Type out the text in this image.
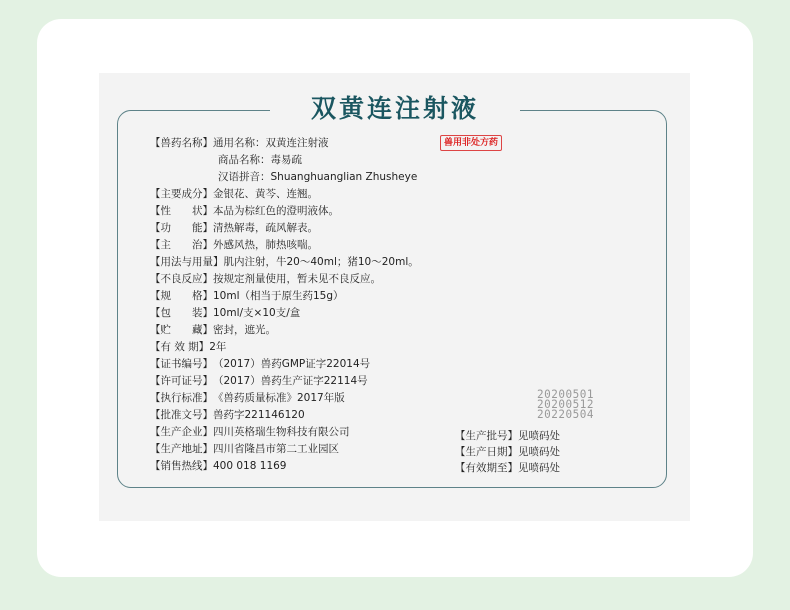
双黄连注射液
兽用非处方药
【兽药名称】通用名称：双黄连注射液
商品名称：毒易疏
汉语拼音：Shuanghuanglian Zhusheye
【主要成分】金银花、黄芩、连翘。
【性　　状】本品为棕红色的澄明液体。
【功　　能】清热解毒，疏风解表。
【主　　治】外感风热，肺热咳喘。
【用法与用量】肌内注射，牛20～40ml；猪10～20ml。
【不良反应】按规定剂量使用，暂未见不良反应。
【规　　格】10ml（相当于原生药15g）
【包　　装】10ml/支×10支/盒
【贮　　藏】密封，遮光。
【有 效 期】2年
【证书编号】（2017）兽药GMP证字22014号
【许可证号】（2017）兽药生产证字22114号
【执行标准】《兽药质量标准》2017年版
【批准文号】兽药字221146120
【生产企业】四川英格瑞生物科技有限公司
【生产地址】四川省隆昌市第二工业园区
【销售热线】400 018 1169
【生产批号】见喷码处
【生产日期】见喷码处
【有效期至】见喷码处
20200501
20200512
20220504
